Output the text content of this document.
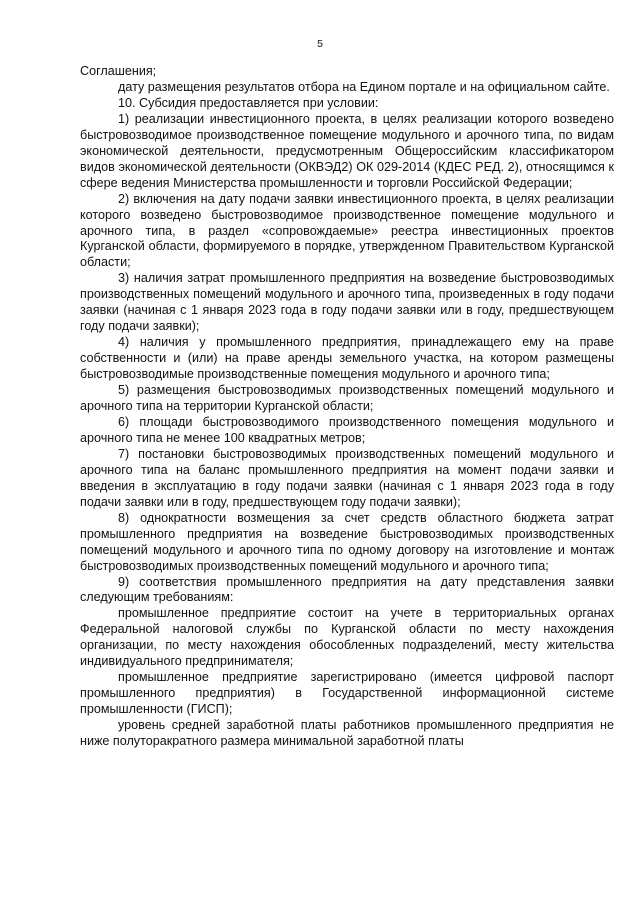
5

Соглашения;

дату размещения результатов отбора на Едином портале и на официальном сайте.

10. Субсидия предоставляется при условии:

1) реализации инвестиционного проекта, в целях реализации которого возведено быстровозводимое производственное помещение модульного и арочного типа, по видам экономической деятельности, предусмотренным Общероссийским классификатором видов экономической деятельности (ОКВЭД2) ОК 029-2014 (КДЕС РЕД. 2), относящимся к сфере ведения Министерства промышленности и торговли Российской Федерации;

2) включения на дату подачи заявки инвестиционного проекта, в целях реализации которого возведено быстровозводимое производственное помещение модульного и арочного типа, в раздел «сопровождаемые» реестра инвестиционных проектов Курганской области, формируемого в порядке, утвержденном Правительством Курганской области;

3) наличия затрат промышленного предприятия на возведение быстровозводимых производственных помещений модульного и арочного типа, произведенных в году подачи заявки (начиная с 1 января 2023 года в году подачи заявки или в году, предшествующем году подачи заявки);

4) наличия у промышленного предприятия, принадлежащего ему на праве собственности и (или) на праве аренды земельного участка, на котором размещены быстровозводимые производственные помещения модульного и арочного типа;

5) размещения быстровозводимых производственных помещений модульного и арочного типа на территории Курганской области;

6) площади быстровозводимого производственного помещения модульного и арочного типа не менее 100 квадратных метров;

7) постановки быстровозводимых производственных помещений модульного и арочного типа на баланс промышленного предприятия на момент подачи заявки и введения в эксплуатацию в году подачи заявки (начиная с 1 января 2023 года в году подачи заявки или в году, предшествующем году подачи заявки);

8) однократности возмещения за счет средств областного бюджета затрат промышленного предприятия на возведение быстровозводимых производственных помещений модульного и арочного типа по одному договору на изготовление и монтаж быстровозводимых производственных помещений модульного и арочного типа;

9) соответствия промышленного предприятия на дату представления заявки следующим требованиям:

промышленное предприятие состоит на учете в территориальных органах Федеральной налоговой службы по Курганской области по месту нахождения организации, по месту нахождения обособленных подразделений, месту жительства индивидуального предпринимателя;

промышленное предприятие зарегистрировано (имеется цифровой паспорт промышленного предприятия) в Государственной информационной системе промышленности (ГИСП);

уровень средней заработной платы работников промышленного предприятия не ниже полуторакратного размера минимальной заработной платы
